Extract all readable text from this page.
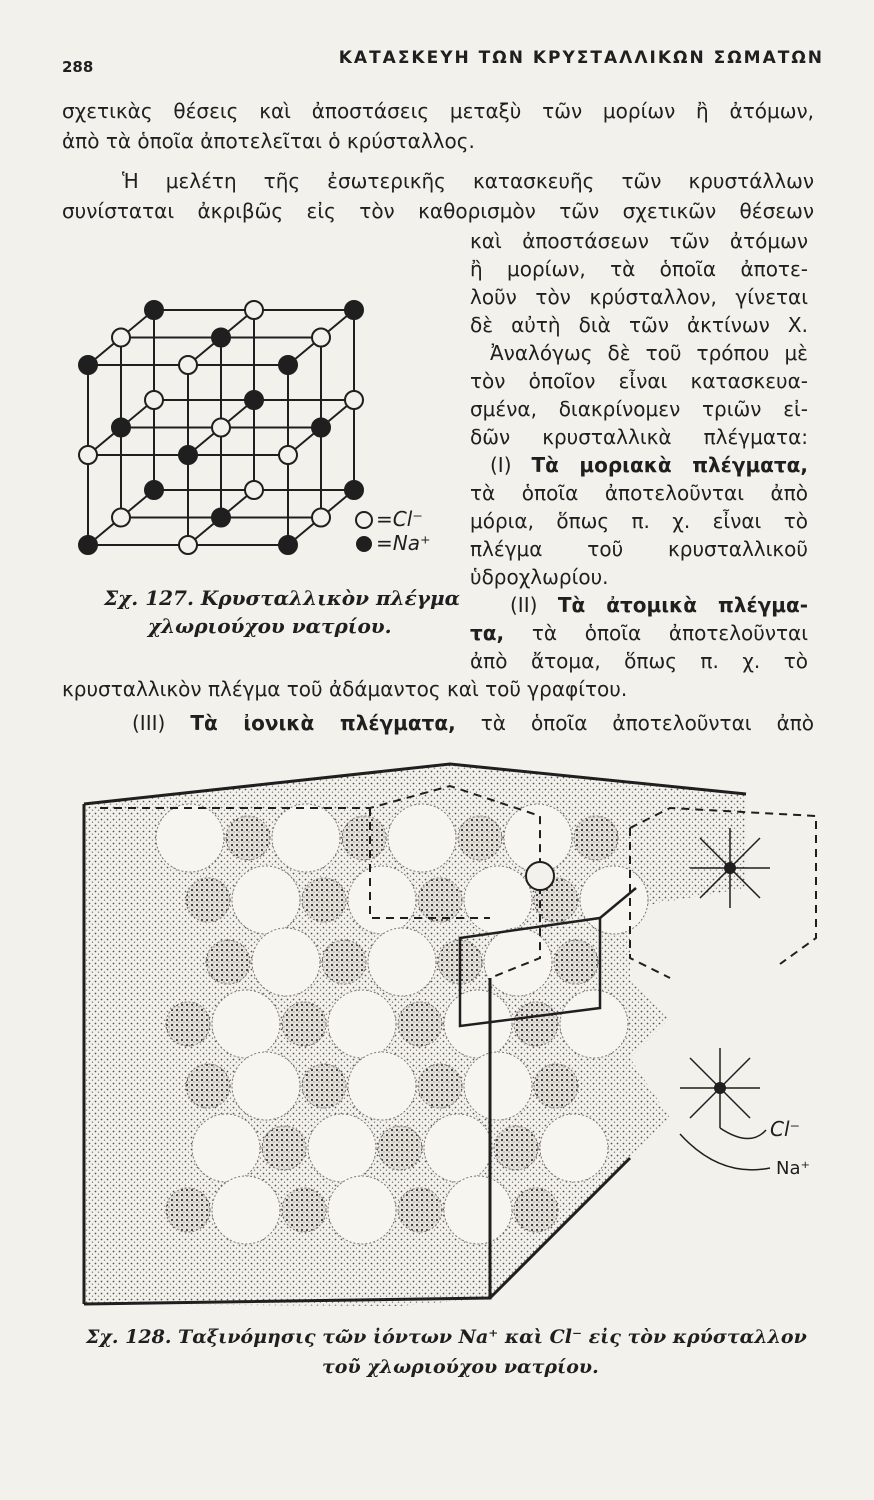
288	ΚΑΤΑΣΚΕΥΗ ΤΩΝ ΚΡΥΣΤΑΛΛΙΚΩΝ ΣΩΜΑΤΩΝ
σχετικὰς θέσεις καὶ ἀποστάσεις μεταξὺ τῶν μορίων ἢ ἀτόμων,
ἀπὸ τὰ ὁποῖα ἀποτελεῖται ὁ κρύσταλλος.
Ἡ μελέτη τῆς ἐσωτερικῆς κατασκευῆς τῶν κρυστάλλων
συνίσταται ἀκριβῶς εἰς τὸν καθορισμὸν τῶν σχετικῶν θέσεων
καὶ ἀποστάσεων τῶν ἀτόμων
ἢ μορίων, τὰ ὁποῖα ἀποτε-
λοῦν τὸν κρύσταλλον, γίνεται
δὲ αὐτὴ διὰ τῶν ἀκτίνων Χ.
Ἀναλόγως δὲ τοῦ τρόπου μὲ
τὸν ὁποῖον εἶναι κατασκευα-
σμένα, διακρίνομεν τριῶν εἰ-
δῶν κρυσταλλικὰ πλέγματα:
(I) Τὰ μοριακὰ πλέγματα,
τὰ ὁποῖα ἀποτελοῦνται ἀπὸ
μόρια, ὅπως π. χ. εἶναι τὸ
πλέγμα τοῦ κρυσταλλικοῦ
ὑδροχλωρίου.
(II) Τὰ ἀτομικὰ πλέγμα-
τα, τὰ ὁποῖα ἀποτελοῦνται
ἀπὸ ἄτομα, ὅπως π. χ. τὸ
κρυσταλλικὸν πλέγμα τοῦ ἀδάμαντος καὶ τοῦ γραφίτου.
(III) Τὰ ἰονικὰ πλέγματα, τὰ ὁποῖα ἀποτελοῦνται ἀπὸ
=Cl⁻
=Na⁺
Σχ. 127. Κρυσταλλικὸν πλέγμα
χλωριούχου νατρίου.
Cl⁻
Na⁺
Σχ. 128. Ταξινόμησις τῶν ἰόντων Na⁺ καὶ Cl⁻ εἰς τὸν κρύσταλλον
τοῦ χλωριούχου νατρίου.
